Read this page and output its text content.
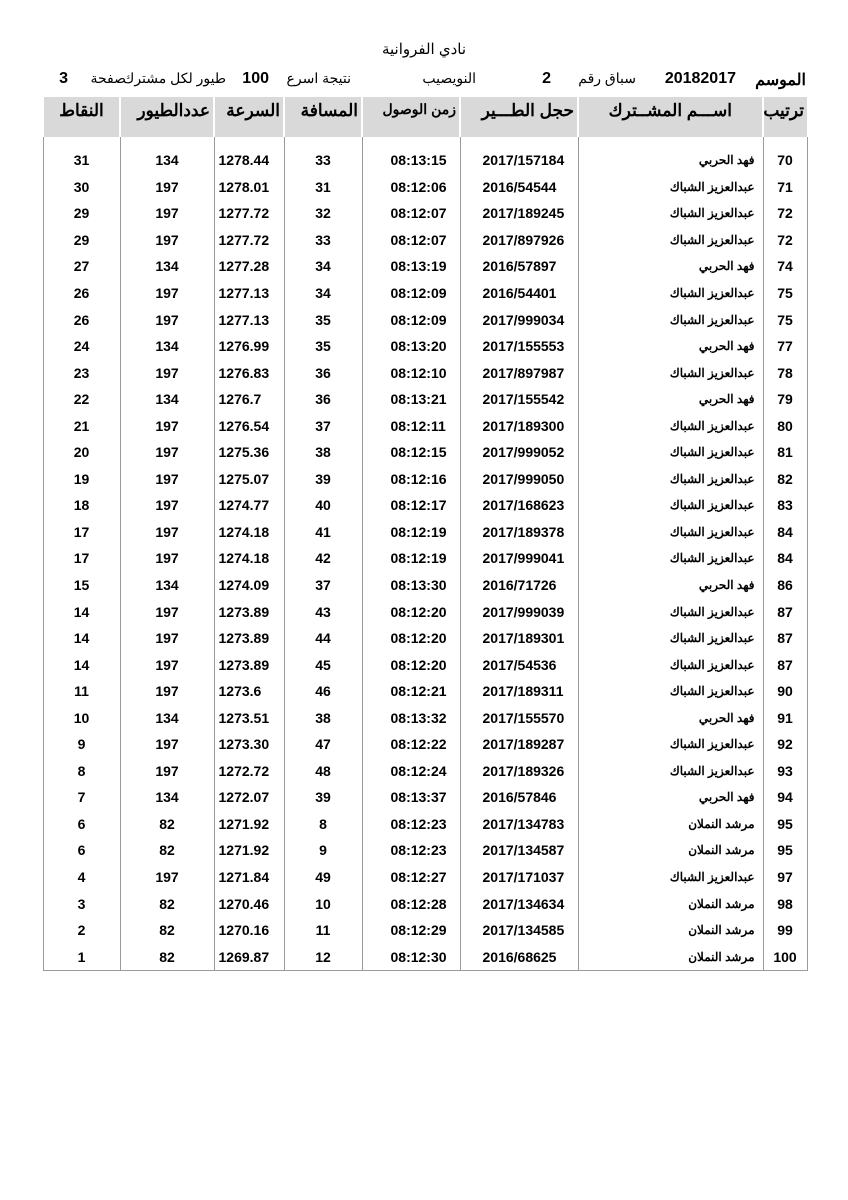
نادي الفروانية
الموسم
20182017
سباق رقم
2
النويصيب
نتيجة اسرع
100
طيور لكل مشترك
صفحة
3
ترتيب	اســـم المشــترك	حجل الطـــير	زمن الوصول	المسافة	السرعة	عددالطيور	النقاط

70	فهد الحربي	2017/157184	08:13:15	33	1278.44	134	31
71	عبدالعزيز الشباك	2016/54544	08:12:06	31	1278.01	197	30
72	عبدالعزيز الشباك	2017/189245	08:12:07	32	1277.72	197	29
72	عبدالعزيز الشباك	2017/897926	08:12:07	33	1277.72	197	29
74	فهد الحربي	2016/57897	08:13:19	34	1277.28	134	27
75	عبدالعزيز الشباك	2016/54401	08:12:09	34	1277.13	197	26
75	عبدالعزيز الشباك	2017/999034	08:12:09	35	1277.13	197	26
77	فهد الحربي	2017/155553	08:13:20	35	1276.99	134	24
78	عبدالعزيز الشباك	2017/897987	08:12:10	36	1276.83	197	23
79	فهد الحربي	2017/155542	08:13:21	36	1276.7	134	22
80	عبدالعزيز الشباك	2017/189300	08:12:11	37	1276.54	197	21
81	عبدالعزيز الشباك	2017/999052	08:12:15	38	1275.36	197	20
82	عبدالعزيز الشباك	2017/999050	08:12:16	39	1275.07	197	19
83	عبدالعزيز الشباك	2017/168623	08:12:17	40	1274.77	197	18
84	عبدالعزيز الشباك	2017/189378	08:12:19	41	1274.18	197	17
84	عبدالعزيز الشباك	2017/999041	08:12:19	42	1274.18	197	17
86	فهد الحربي	2016/71726	08:13:30	37	1274.09	134	15
87	عبدالعزيز الشباك	2017/999039	08:12:20	43	1273.89	197	14
87	عبدالعزيز الشباك	2017/189301	08:12:20	44	1273.89	197	14
87	عبدالعزيز الشباك	2017/54536	08:12:20	45	1273.89	197	14
90	عبدالعزيز الشباك	2017/189311	08:12:21	46	1273.6	197	11
91	فهد الحربي	2017/155570	08:13:32	38	1273.51	134	10
92	عبدالعزيز الشباك	2017/189287	08:12:22	47	1273.30	197	9
93	عبدالعزيز الشباك	2017/189326	08:12:24	48	1272.72	197	8
94	فهد الحربي	2016/57846	08:13:37	39	1272.07	134	7
95	مرشد النملان	2017/134783	08:12:23	8	1271.92	82	6
95	مرشد النملان	2017/134587	08:12:23	9	1271.92	82	6
97	عبدالعزيز الشباك	2017/171037	08:12:27	49	1271.84	197	4
98	مرشد النملان	2017/134634	08:12:28	10	1270.46	82	3
99	مرشد النملان	2017/134585	08:12:29	11	1270.16	82	2
100	مرشد النملان	2016/68625	08:12:30	12	1269.87	82	1
